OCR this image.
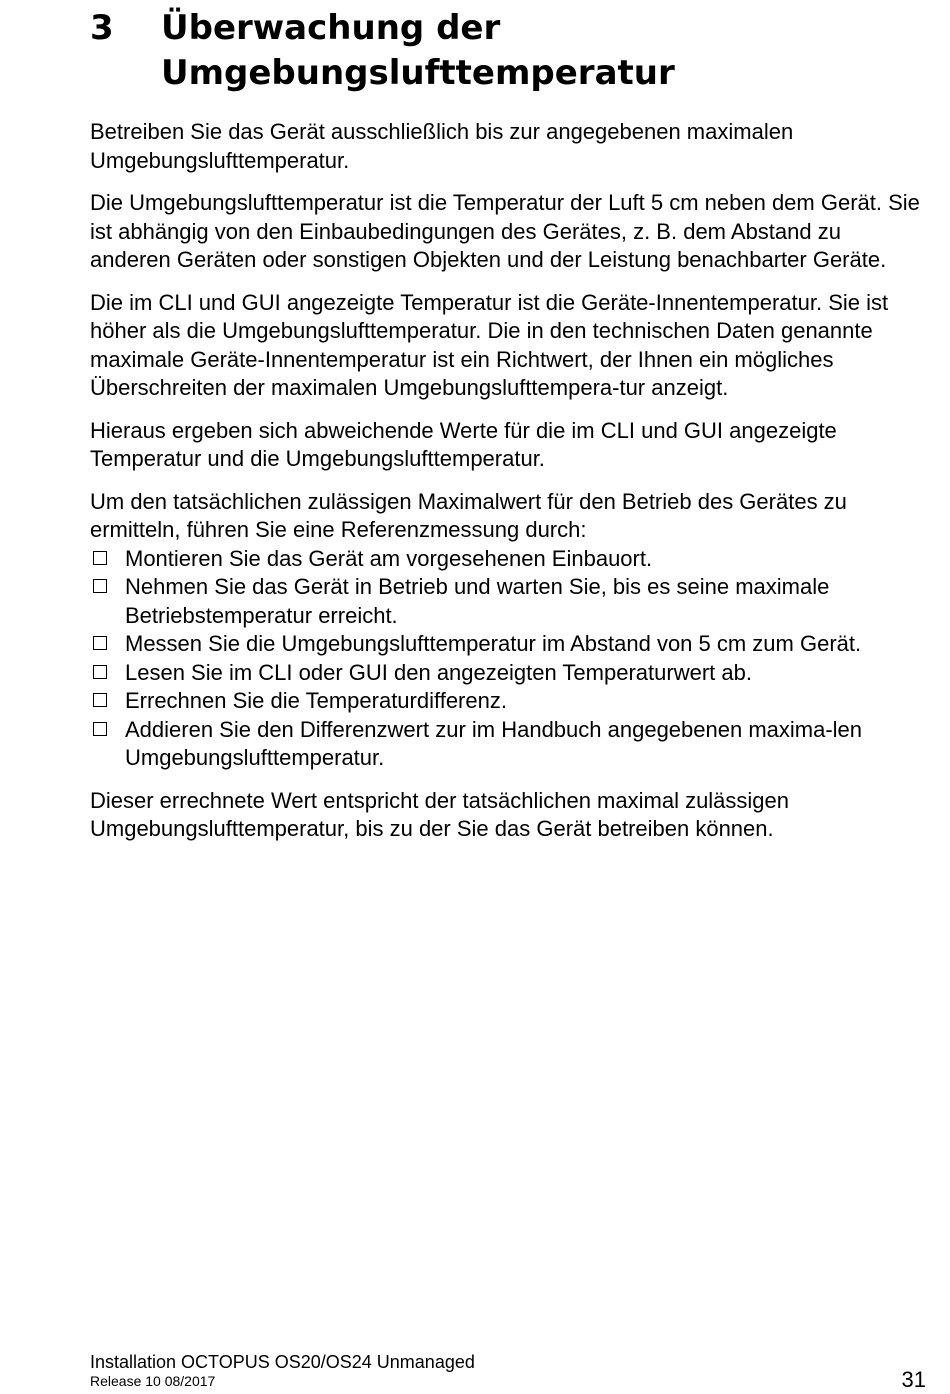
3 Überwachung der
Umgebungslufttemperatur

Betreiben Sie das Gerät ausschließlich bis zur angegebenen maximalen Umgebungslufttemperatur.

Die Umgebungslufttemperatur ist die Temperatur der Luft 5 cm neben dem Gerät. Sie ist abhängig von den Einbaubedingungen des Gerätes, z. B. dem Abstand zu anderen Geräten oder sonstigen Objekten und der Leistung benachbarter Geräte.

Die im CLI und GUI angezeigte Temperatur ist die Geräte-Innentemperatur. Sie ist höher als die Umgebungslufttemperatur. Die in den technischen Daten genannte maximale Geräte-Innentemperatur ist ein Richtwert, der Ihnen ein mögliches Überschreiten der maximalen Umgebungslufttempera-tur anzeigt.

Hieraus ergeben sich abweichende Werte für die im CLI und GUI angezeigte Temperatur und die Umgebungslufttemperatur.

Um den tatsächlichen zulässigen Maximalwert für den Betrieb des Gerätes zu ermitteln, führen Sie eine Referenzmessung durch:

Montieren Sie das Gerät am vorgesehenen Einbauort.
Nehmen Sie das Gerät in Betrieb und warten Sie, bis es seine maximale Betriebstemperatur erreicht.
Messen Sie die Umgebungslufttemperatur im Abstand von 5 cm zum Gerät.
Lesen Sie im CLI oder GUI den angezeigten Temperaturwert ab.
Errechnen Sie die Temperaturdifferenz.
Addieren Sie den Differenzwert zur im Handbuch angegebenen maxima-len Umgebungslufttemperatur.

Dieser errechnete Wert entspricht der tatsächlichen maximal zulässigen Umgebungslufttemperatur, bis zu der Sie das Gerät betreiben können.

Installation OCTOPUS OS20/OS24 Unmanaged
Release 10 08/2017	31
